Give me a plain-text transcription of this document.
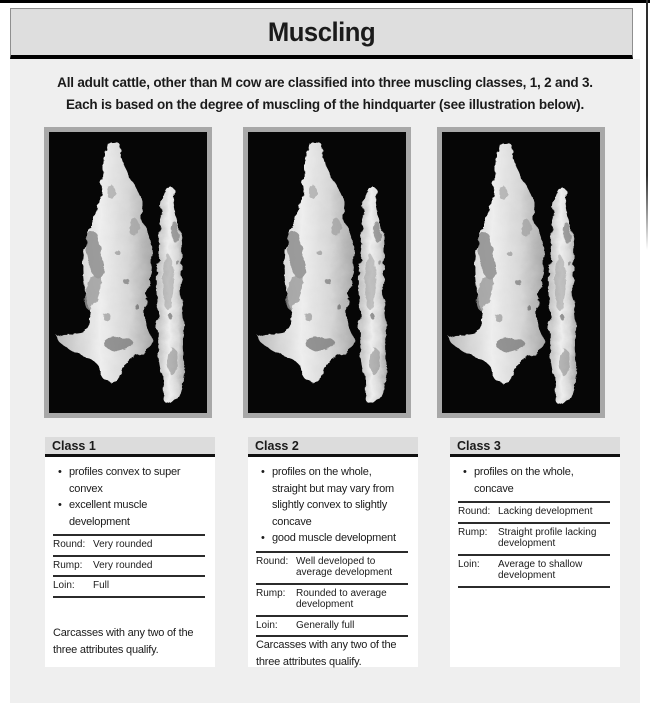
Muscling
All adult cattle, other than M cow are classified into three muscling classes, 1, 2 and 3.
Each is based on the degree of muscling of the hindquarter (see illustration below).
Class 1
• profiles convex to super convex
• excellent muscle development
Round: Very rounded
Rump:	Very rounded
Loin:	Full
Carcasses with any two of the three attributes qualify.
Class 2
• profiles on the whole, straight but may vary from slightly convex to slightly concave
• good muscle development
Round: Well developed to average development
Rump:	Rounded to average development
Loin:	Generally full
Carcasses with any two of the three attributes qualify.
Class 3
• profiles on the whole, concave
Round: Lacking development
Rump:	Straight profile lacking development
Loin:	Average to shallow development
